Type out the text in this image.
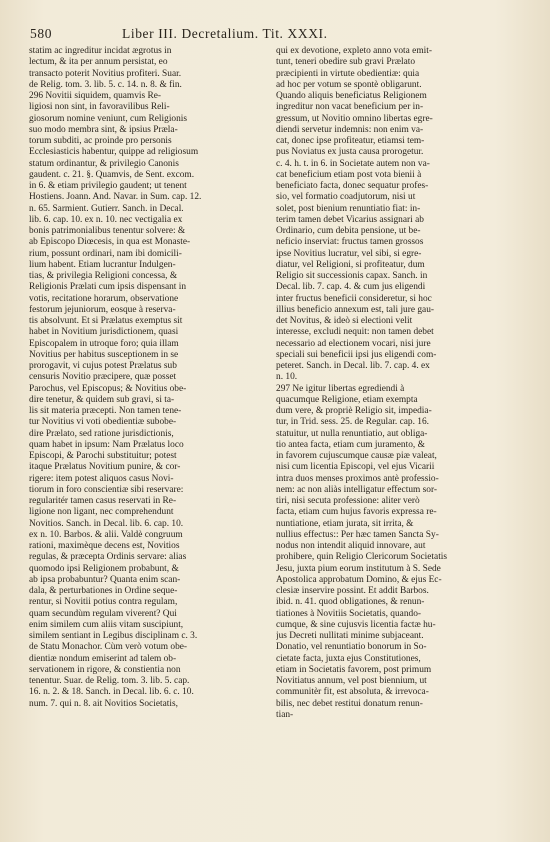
580	Liber III. Decretalium. Tit. XXXI.
statim ac ingreditur incidat ægrotus in
lectum, & ita per annum persistat, eo
transacto poterit Novitius profiteri. Suar.
de Relig. tom. 3. lib. 5. c. 14. n. 8. & fin.
296 Novitii siquidem, quamvis Re-
ligiosi non sint, in favoravilibus Reli-
giosorum nomine veniunt, cum Religionis
suo modo membra sint, & ipsius Præla-
torum subditi, ac proinde pro personis
Ecclesiasticis habentur, quippe ad religiosum
statum ordinantur, & privilegio Canonis
gaudent. c. 21. §. Quamvis, de Sent. excom.
in 6. & etiam privilegio gaudent; ut tenent
Hostiens. Joann. And. Navar. in Sum. cap. 12.
n. 65. Sarmient. Gutierr. Sanch. in Decal.
lib. 6. cap. 10. ex n. 10. nec vectigalia ex
bonis patrimonialibus tenentur solvere: &
ab Episcopo Diœcesis, in qua est Monaste-
rium, possunt ordinari, nam ibi domicili-
lium habent. Etiam lucrantur Indulgen-
tias, & privilegia Religioni concessa, &
Religionis Prælati cum ipsis dispensant in
votis, recitatione horarum, observatione
festorum jejuniorum, eosque à reserva-
tis absolvunt. Et si Prælatus exemptus sit
habet in Novitium jurisdictionem, quasi
Episcopalem in utroque foro; quia illam
Novitius per habitus susceptionem in se
prorogavit, vi cujus potest Prælatus sub
censuris Novitio præcipere, quæ posset
Parochus, vel Episcopus; & Novitius obe-
dire tenetur, & quidem sub gravi, si ta-
lis sit materia præcepti. Non tamen tene-
tur Novitius vi voti obedientiæ subobe-
dire Prælato, sed ratione jurisdictionis,
quam habet in ipsum: Nam Prælatus loco
Episcopi, & Parochi substituitur; potest
itaque Prælatus Novitium punire, & cor-
rigere: item potest aliquos casus Novi-
tiorum in foro conscientiæ sibi reservare:
regularitér tamen casus reservati in Re-
ligione non ligant, nec comprehendunt
Novitios. Sanch. in Decal. lib. 6. cap. 10.
ex n. 10. Barbos. & alii. Valdè congruum
rationi, maximèque decens est, Novitios
regulas, & præcepta Ordinis servare: alias
quomodo ipsi Religionem probabunt, &
ab ipsa probabuntur? Quanta enim scan-
dala, & perturbationes in Ordine seque-
rentur, si Novitii potius contra regulam,
quam secundùm regulam viverent? Qui
enim similem cum aliis vitam suscipiunt,
similem sentiant in Legibus disciplinam c. 3.
de Statu Monachor. Cùm verò votum obe-
dientiæ nondum emiserint ad talem ob-
servationem in rigore, & constientia non
tenentur. Suar. de Relig. tom. 3. lib. 5. cap.
16. n. 2. & 18. Sanch. in Decal. lib. 6. c. 10.
num. 7. qui n. 8. ait Novitios Societatis,
qui ex devotione, expleto anno vota emit-
tunt, teneri obedire sub gravi Prælato
præcipienti in virtute obedientiæ: quia
ad hoc per votum se spontè obligarunt.
Quando aliquis beneficiatus Religionem
ingreditur non vacat beneficium per in-
gressum, ut Novitio omnino libertas egre-
diendi servetur indemnis: non enim va-
cat, donec ipse profiteatur, etiamsi tem-
pus Noviatus ex justa causa prorogetur.
c. 4. h. t. in 6. in Societate autem non va-
cat beneficium etiam post vota bienii à
beneficiato facta, donec sequatur profes-
sio, vel formatio coadjutorum, nisi ut
solet, post bienium renuntiatio fiat: in-
terim tamen debet Vicarius assignari ab
Ordinario, cum debita pensione, ut be-
neficio inserviat: fructus tamen grossos
ipse Novitius lucratur, vel sibi, si egre-
diatur, vel Religioni, si profiteatur, dum
Religio sit successionis capax. Sanch. in
Decal. lib. 7. cap. 4. & cum jus eligendi
inter fructus beneficii consideretur, si hoc
illius beneficio annexum est, tali jure gau-
det Novitus, & ideò si electioni velit
interesse, excludi nequit: non tamen debet
necessario ad electionem vocari, nisi jure
speciali sui beneficii ipsi jus eligendi com-
peteret. Sanch. in Decal. lib. 7. cap. 4. ex
n. 10.
297 Ne igitur libertas egrediendi à
quacumque Religione, etiam exempta
dum vere, & propriè Religio sit, impedia-
tur, in Trid. sess. 25. de Regular. cap. 16.
statuitur, ut nulla renuntiatio, aut obliga-
tio antea facta, etiam cum juramento, &
in favorem cujuscumque causæ piæ valeat,
nisi cum licentia Episcopi, vel ejus Vicarii
intra duos menses proximos antè professio-
nem: ac non aliàs intelligatur effectum sor-
tiri, nisi secuta professione: aliter verò
facta, etiam cum hujus favoris expressa re-
nuntiatione, etiam jurata, sit irrita, &
nullius effectus:: Per hæc tamen Sancta Sy-
nodus non intendit aliquid innovare, aut
prohibere, quin Religio Clericorum Societatis
Jesu, juxta pium eorum institutum à S. Sede
Apostolica approbatum Domino, & ejus Ec-
clesiæ inservire possint. Et addit Barbos.
ibid. n. 41. quod obligationes, & renun-
tiationes à Novitiis Societatis, quando-
cumque, & sine cujusvis licentia factæ hu-
jus Decreti nullitati minime subjaceant.
Donatio, vel renuntiatio bonorum in So-
cietate facta, juxta ejus Constitutiones,
etiam in Societatis favorem, post primum
Novitiatus annum, vel post biennium, ut
communitèr fit, est absoluta, & irrevoca-
bilis, nec debet restitui donatum renun-
tian-
